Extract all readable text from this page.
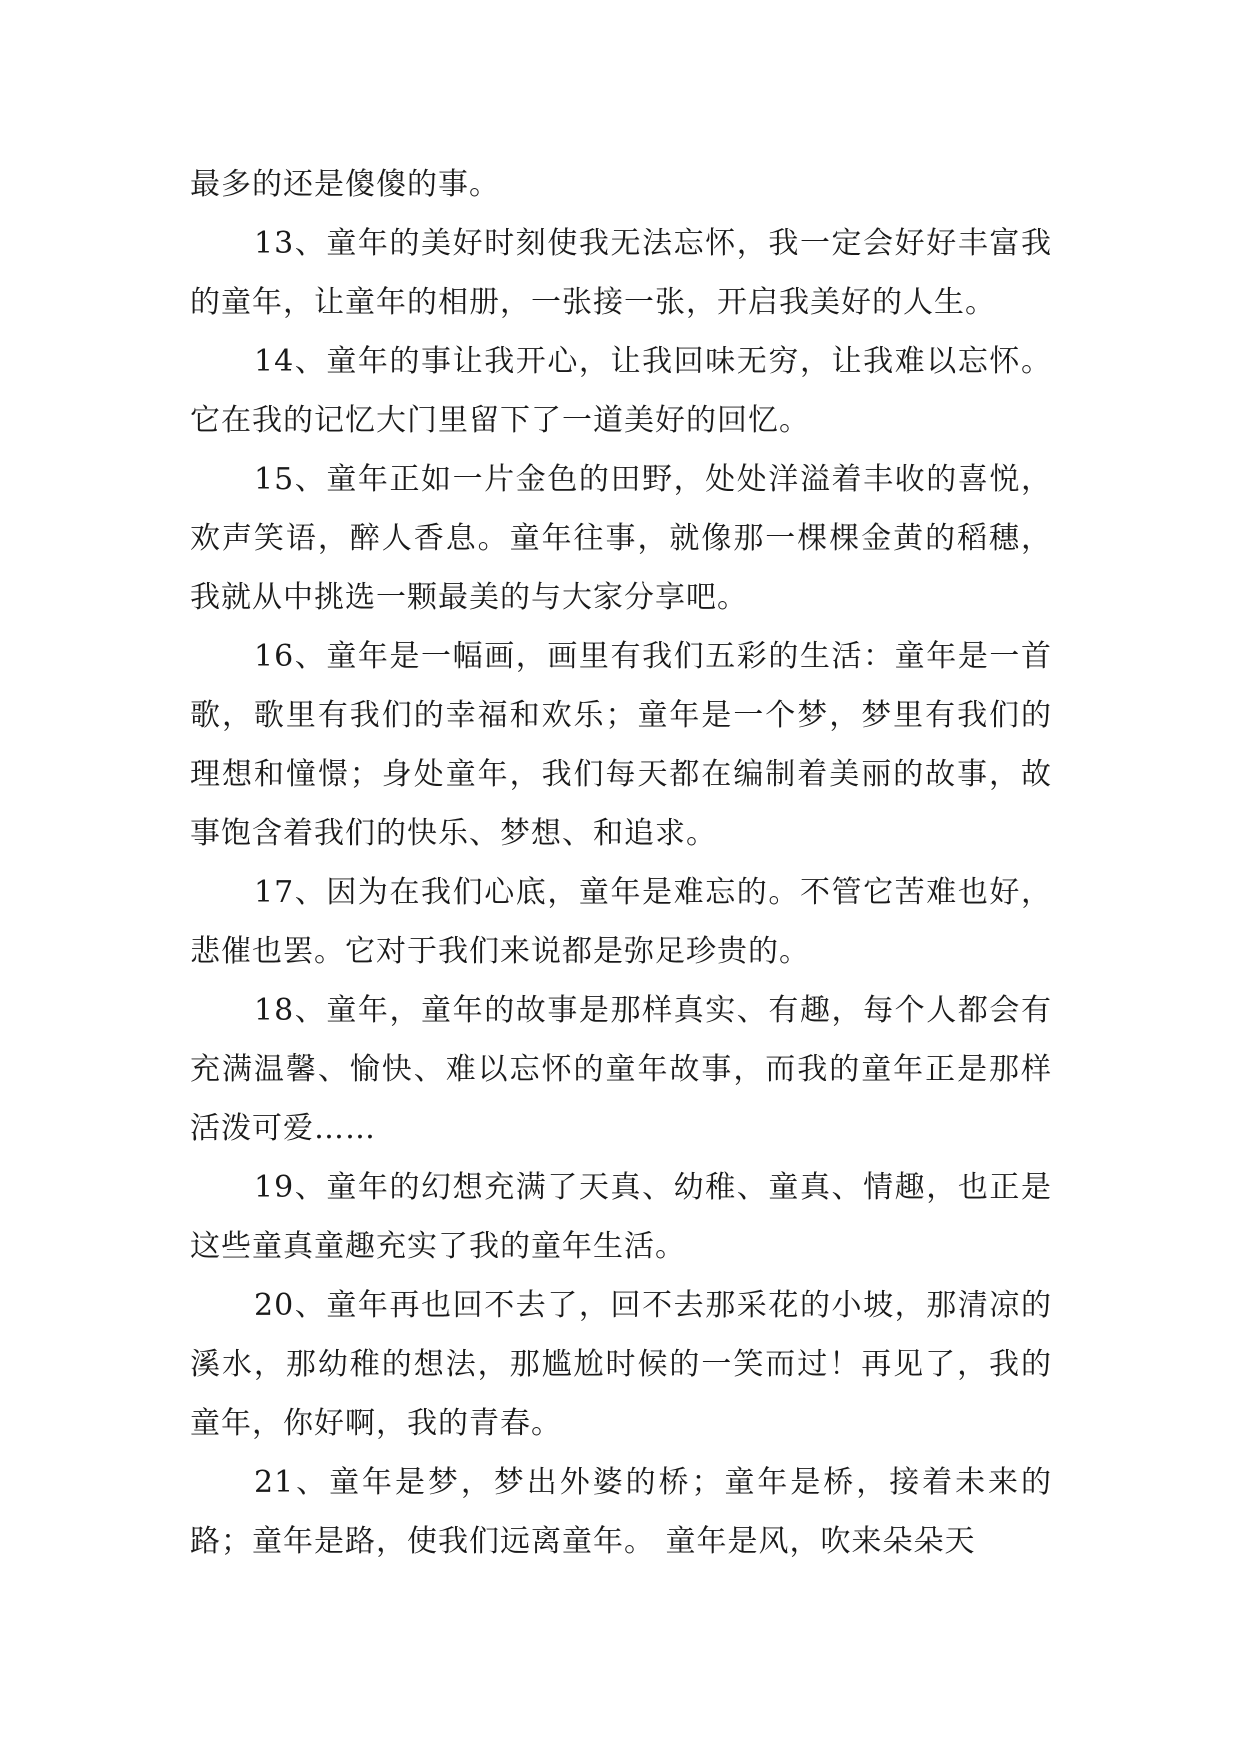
最多的还是傻傻的事。

13、童年的美好时刻使我无法忘怀，我一定会好好丰富我的童年，让童年的相册，一张接一张，开启我美好的人生。

14、童年的事让我开心，让我回味无穷，让我难以忘怀。它在我的记忆大门里留下了一道美好的回忆。

15、童年正如一片金色的田野，处处洋溢着丰收的喜悦，欢声笑语，醉人香息。童年往事，就像那一棵棵金黄的稻穗，我就从中挑选一颗最美的与大家分享吧。

16、童年是一幅画，画里有我们五彩的生活：童年是一首歌，歌里有我们的幸福和欢乐；童年是一个梦，梦里有我们的理想和憧憬；身处童年，我们每天都在编制着美丽的故事，故事饱含着我们的快乐、梦想、和追求。

17、因为在我们心底，童年是难忘的。不管它苦难也好，悲催也罢。它对于我们来说都是弥足珍贵的。

18、童年，童年的故事是那样真实、有趣，每个人都会有充满温馨、愉快、难以忘怀的童年故事，而我的童年正是那样活泼可爱……

19、童年的幻想充满了天真、幼稚、童真、情趣，也正是这些童真童趣充实了我的童年生活。

20、童年再也回不去了，回不去那采花的小坡，那清凉的溪水，那幼稚的想法，那尴尬时候的一笑而过！再见了，我的童年，你好啊，我的青春。

21、童年是梦，梦出外婆的桥；童年是桥，接着未来的路；童年是路，使我们远离童年。 童年是风，吹来朵朵天
